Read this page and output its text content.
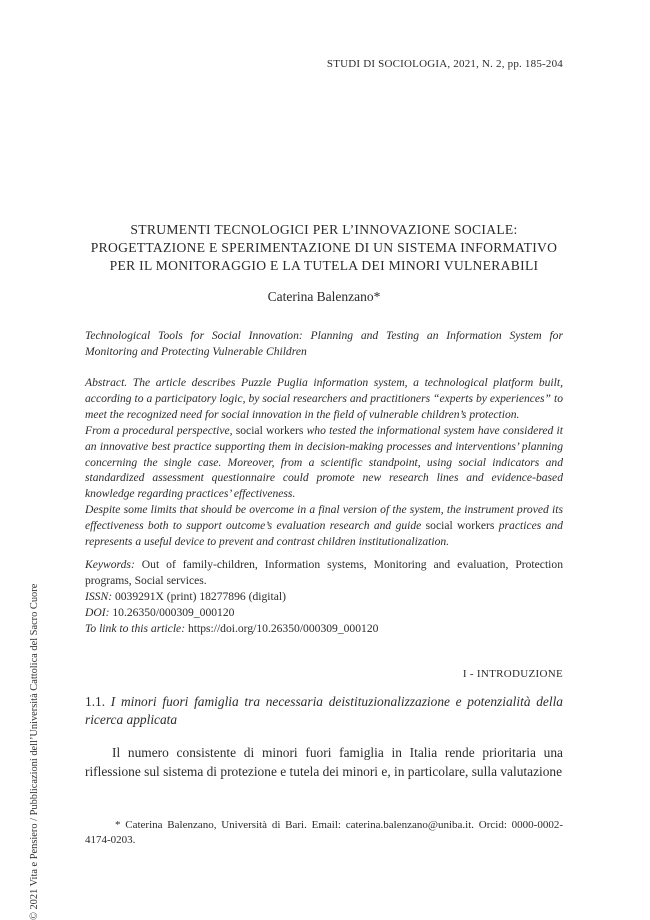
STUDI DI SOCIOLOGIA, 2021, N. 2, pp. 185-204
STRUMENTI TECNOLOGICI PER L’INNOVAZIONE SOCIALE:
PROGETTAZIONE E SPERIMENTAZIONE DI UN SISTEMA INFORMATIVO
PER IL MONITORAGGIO E LA TUTELA DEI MINORI VULNERABILI
Caterina Balenzano*
Technological Tools for Social Innovation: Planning and Testing an Information System for Monitoring and Protecting Vulnerable Children

Abstract. The article describes Puzzle Puglia information system, a technological platform built, according to a participatory logic, by social researchers and practitioners “experts by experiences” to meet the recognized need for social innovation in the field of vulnerable children’s protection.

From a procedural perspective, social workers who tested the informational system have considered it an innovative best practice supporting them in decision-making processes and interventions’ planning concerning the single case. Moreover, from a scientific standpoint, using social indicators and standardized assessment questionnaire could promote new research lines and evidence-based knowledge regarding practices’ effectiveness.

Despite some limits that should be overcome in a final version of the system, the instrument proved its effectiveness both to support outcome’s evaluation research and guide social workers practices and represents a useful device to prevent and contrast children institutionalization.

Keywords: Out of family-children, Information systems, Monitoring and evaluation, Protection programs, Social services.

ISSN: 0039291X (print) 18277896 (digital)

DOI: 10.26350/000309_000120

To link to this article: https://doi.org/10.26350/000309_000120

I - INTRODUZIONE
1.1. I minori fuori famiglia tra necessaria deistituzionalizzazione e potenzialità della ricerca applicata
Il numero consistente di minori fuori famiglia in Italia rende prioritaria una riflessione sul sistema di protezione e tutela dei minori e, in particolare, sulla valutazione
* Caterina Balenzano, Università di Bari. Email: caterina.balenzano@uniba.it. Orcid: 0000-0002-4174-0203.
© 2021 Vita e Pensiero / Pubblicazioni dell’Università Cattolica del Sacro Cuore
